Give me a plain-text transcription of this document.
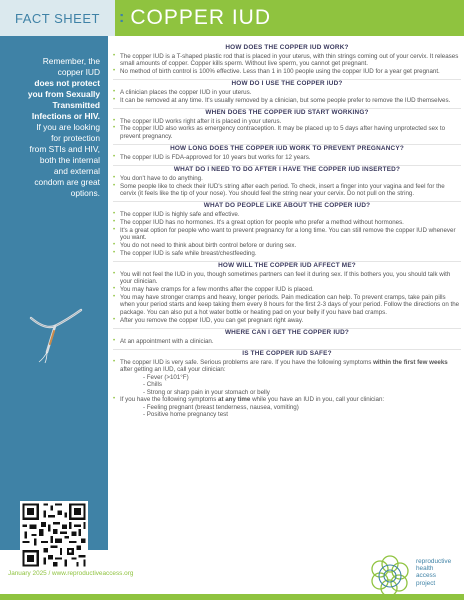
FACT SHEET : COPPER IUD
Remember, the
copper IUD
does not protect
you from Sexually
Transmitted
Infections or HIV.
If you are looking
for protection
from STIs and HIV,
both the internal
and external
condom are great
options.
HOW DOES THE COPPER IUD WORK?
• The copper IUD is a T-shaped plastic rod that is placed in your uterus, with thin strings coming out of your cervix. It releases small amounts of copper. Copper kills sperm. Without live sperm, you cannot get pregnant.
• No method of birth control is 100% effective. Less than 1 in 100 people using the copper IUD for a year get pregnant.
HOW DO I USE THE COPPER IUD?
• A clinician places the copper IUD in your uterus.
• It can be removed at any time. It's usually removed by a clinician, but some people prefer to remove the IUD themselves.
WHEN DOES THE COPPER IUD START WORKING?
• The copper IUD works right after it is placed in your uterus.
• The copper IUD also works as emergency contraception. It may be placed up to 5 days after having unprotected sex to prevent pregnancy.
HOW LONG DOES THE COPPER IUD WORK TO PREVENT PREGNANCY?
• The copper IUD is FDA-approved for 10 years but works for 12 years.
WHAT DO I NEED TO DO AFTER I HAVE THE COPPER IUD INSERTED?
• You don't have to do anything.
• Some people like to check their IUD's string after each period. To check, insert a finger into your vagina and feel for the cervix (it feels like the tip of your nose). You should feel the string near your cervix. Do not pull on the string.
WHAT DO PEOPLE LIKE ABOUT THE COPPER IUD?
• The copper IUD is highly safe and effective.
• The copper IUD has no hormones. It's a great option for people who prefer a method without hormones.
• It's a great option for people who want to prevent pregnancy for a long time. You can still remove the copper IUD whenever you want.
• You do not need to think about birth control before or during sex.
• The copper IUD is safe while breast/chestfeeding.
HOW WILL THE COPPER IUD AFFECT ME?
• You will not feel the IUD in you, though sometimes partners can feel it during sex. If this bothers you, you should talk with your clinician.
• You may have cramps for a few months after the copper IUD is placed.
• You may have stronger cramps and heavy, longer periods. Pain medication can help. To prevent cramps, take pain pills when your period starts and keep taking them every 8 hours for the first 2-3 days of your period. Follow the directions on the package. You can also put a hot water bottle or heating pad on your belly if you have bad cramps.
• After you remove the copper IUD, you can get pregnant right away.
WHERE CAN I GET THE COPPER IUD?
• At an appointment with a clinician.
IS THE COPPER IUD SAFE?
• The copper IUD is very safe. Serious problems are rare. If you have the following symptoms within the first few weeks after getting an IUD, call your clinician:
- Fever (>101°F)
- Chills
- Strong or sharp pain in your stomach or belly
• If you have the following symptoms at any time while you have an IUD in you, call your clinician:
- Feeling pregnant (breast tenderness, nausea, vomiting)
- Positive home pregnancy test
January 2025 / www.reproductiveaccess.org
reproductive
health
access
project
